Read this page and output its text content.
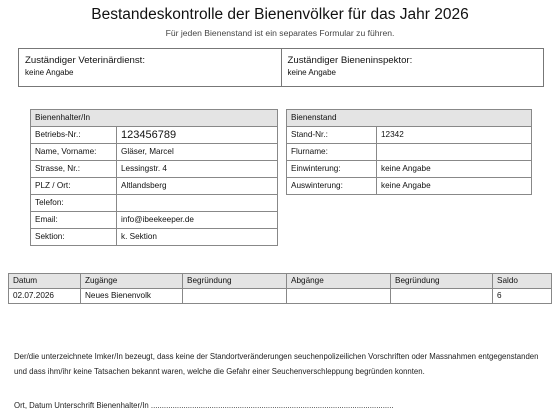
Bestandeskontrolle der Bienenvölker für das Jahr 2026
Für jeden Bienenstand ist ein separates Formular zu führen.
Zuständiger Veterinärdienst:
keine Angabe
Zuständiger Bieneninspektor:
keine Angabe
Bienenhalter/In	
Betriebs-Nr.:	123456789
Name, Vorname:	Gläser, Marcel
Strasse, Nr.:	Lessingstr. 4
PLZ / Ort:	Altlandsberg
Telefon:	
Email:	info@ibeekeeper.de
Sektion:	k. Sektion
Bienenstand	
Stand-Nr.:	12342
Flurname:	
Einwinterung:	keine Angabe
Auswinterung:	keine Angabe
Datum	Zugänge	Begründung	Abgänge	Begründung	Saldo
02.07.2026	Neues Bienenvolk				6
Der/die unterzeichnete Imker/In bezeugt, dass keine der Standortveränderungen seuchenpolizeilichen Vorschriften oder Massnahmen entgegenstanden und dass ihm/ihr keine Tatsachen bekannt waren, welche die Gefahr einer Seuchenverschleppung begründen konnten.
Ort, Datum Unterschrift Bienenhalter/In ................................................................................................................
